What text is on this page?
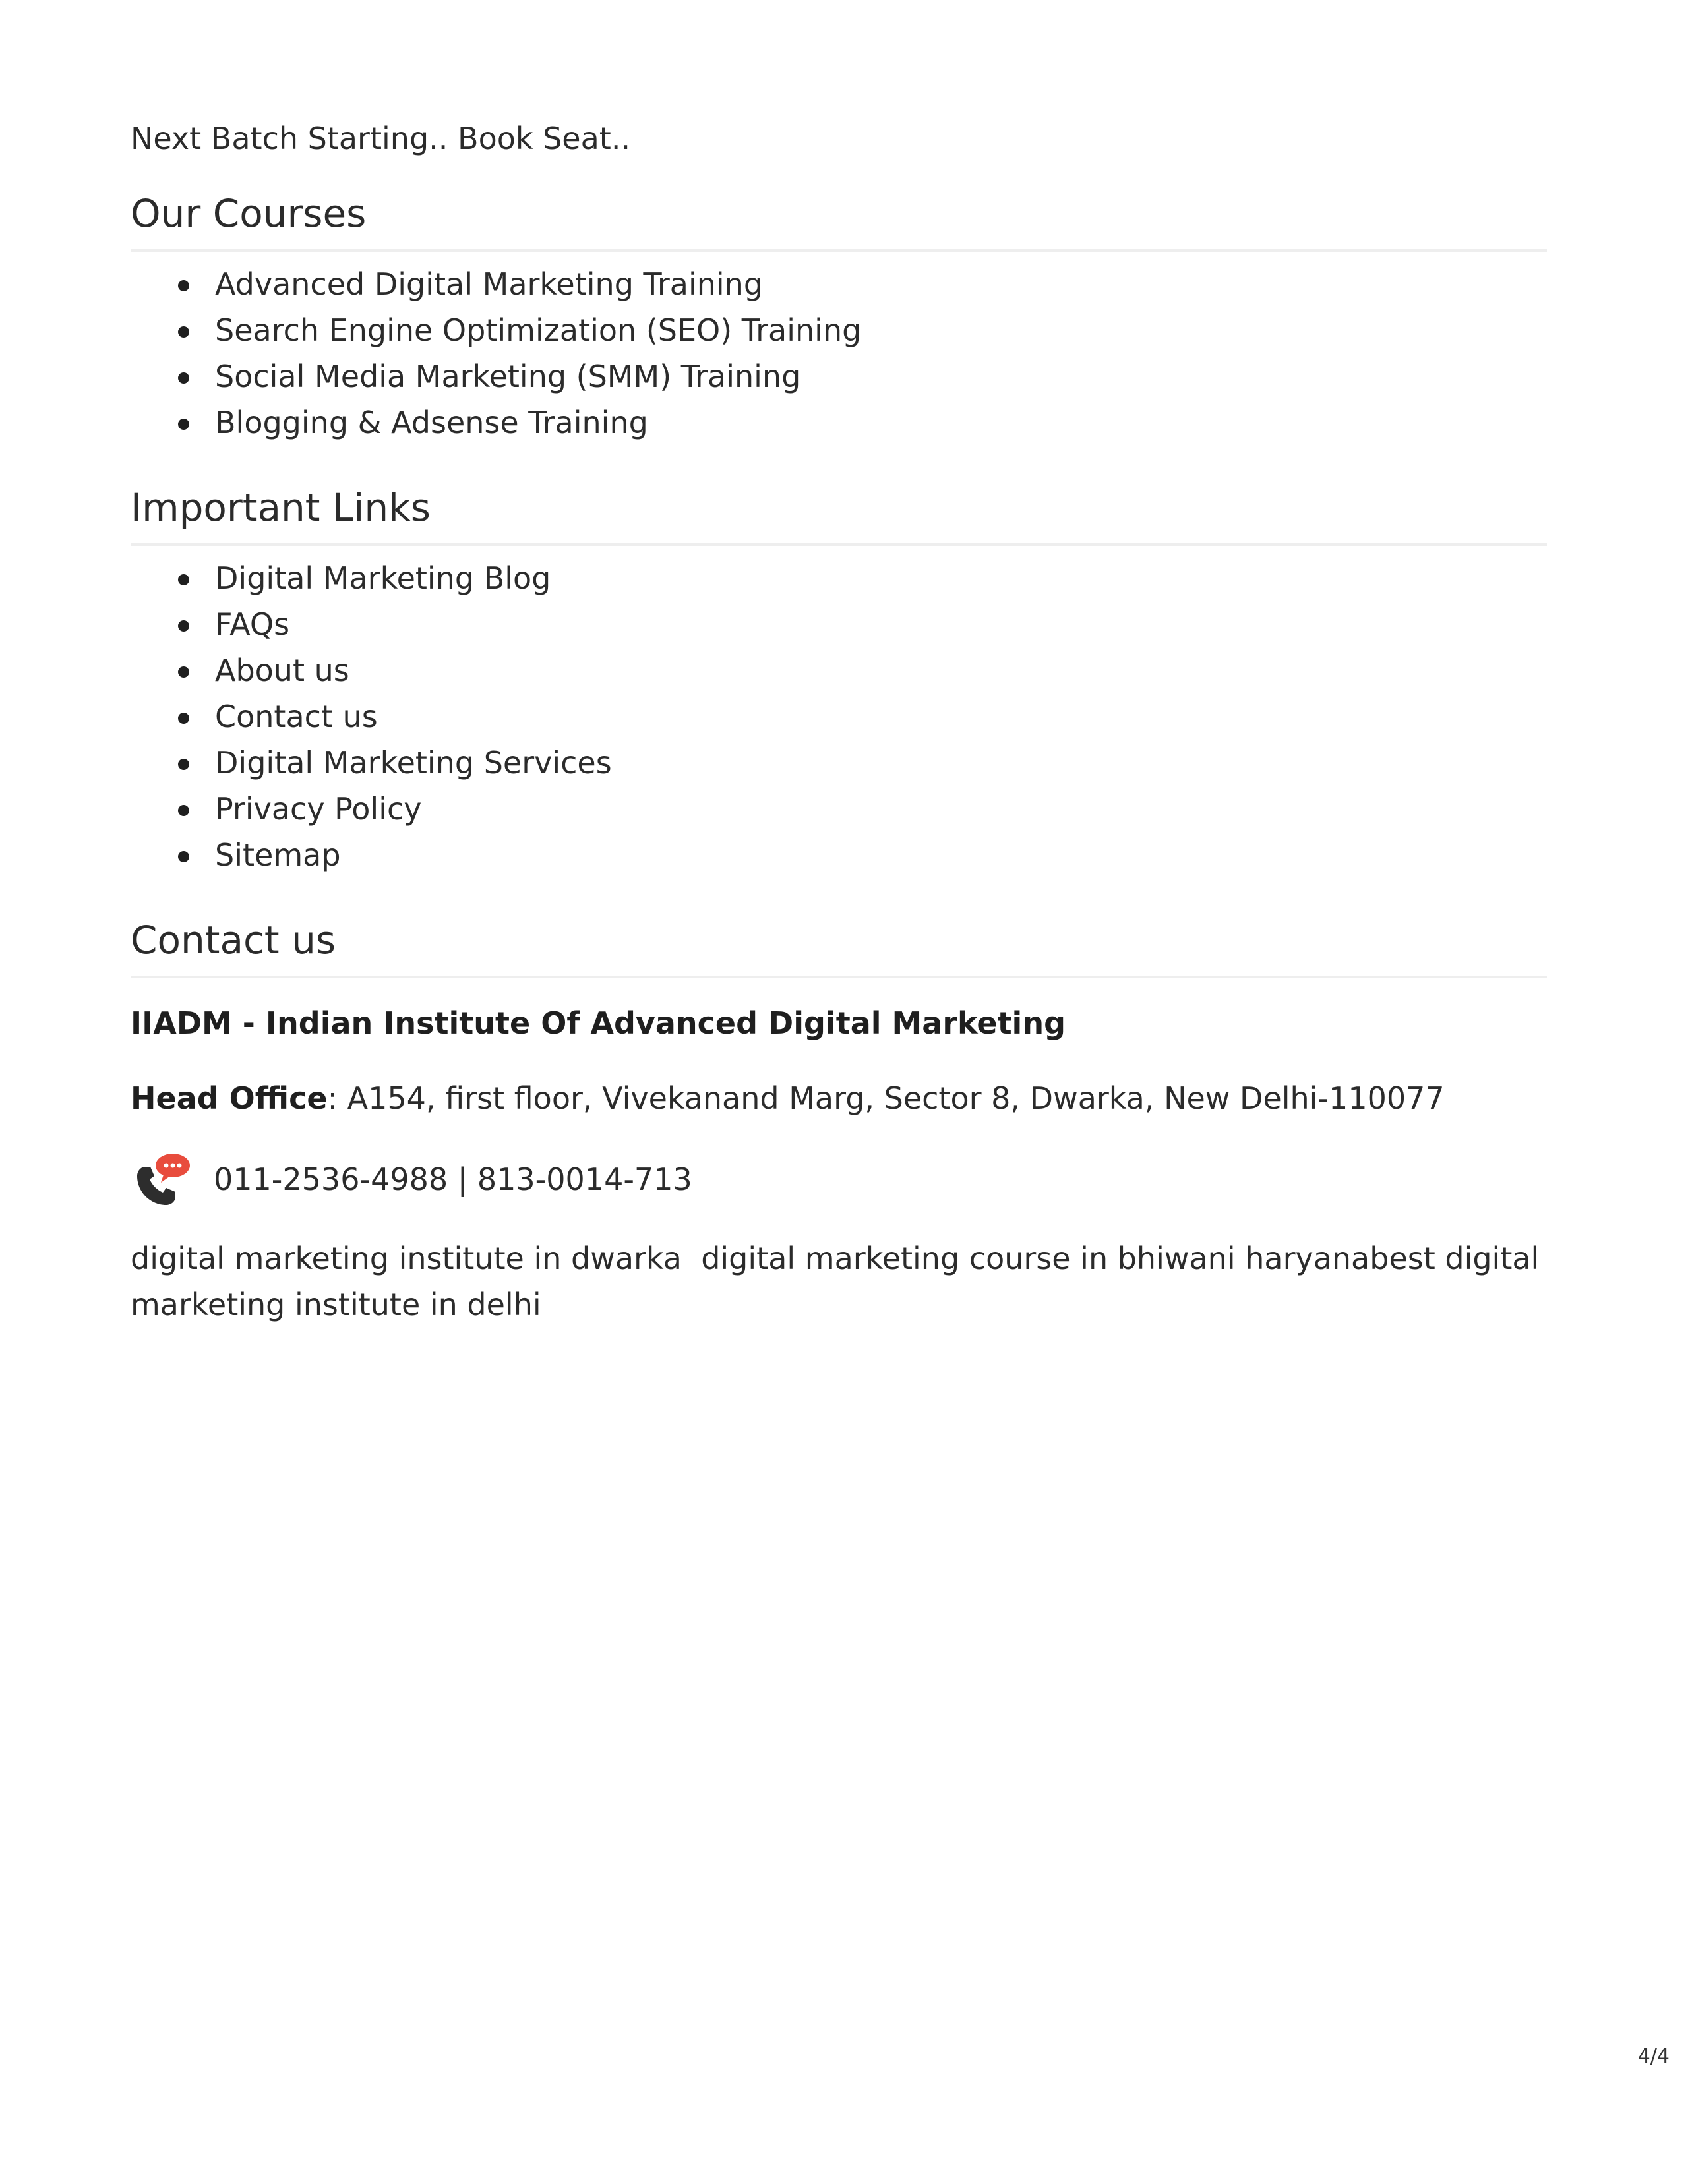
Next Batch Starting.. Book Seat..

Our Courses
Advanced Digital Marketing Training
Search Engine Optimization (SEO) Training
Social Media Marketing (SMM) Training
Blogging & Adsense Training
Important Links
Digital Marketing Blog
FAQs
About us
Contact us
Digital Marketing Services
Privacy Policy
Sitemap
Contact us

IIADM - Indian Institute Of Advanced Digital Marketing

Head Office: A154, first floor, Vivekanand Marg, Sector 8, Dwarka, New Delhi-110077

011-2536-4988 | 813-0014-713

digital marketing institute in dwarka  digital marketing course in bhiwani haryanabest digital marketing institute in delhi

4/4
